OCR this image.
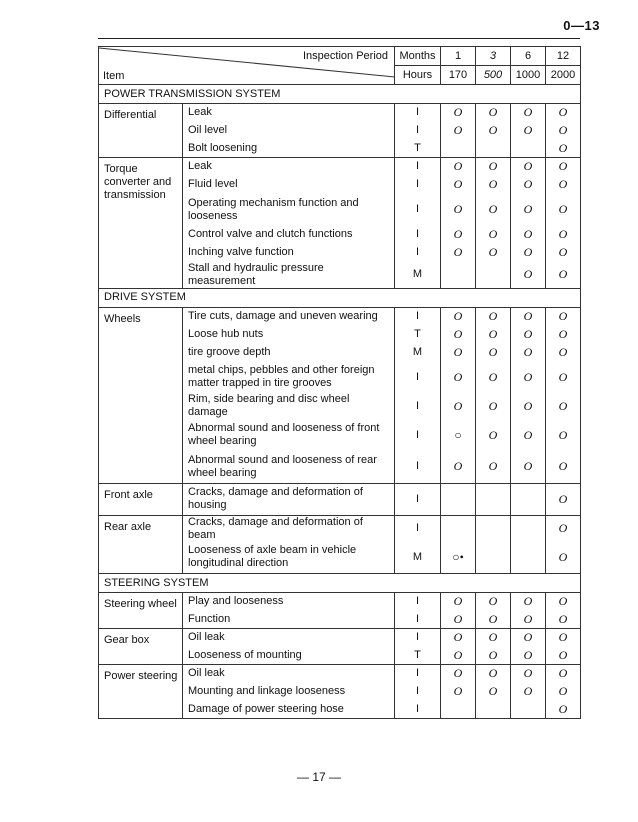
0—13
Inspection Period
Item		Months	1	3	6	12
		Hours	170	500	1000	2000
POWER TRANSMISSION SYSTEM						
Differential	Leak	I	O	O	O	O
	Oil level	I	O	O	O	O
	Bolt loosening	T				O
Torque converter and transmission	Leak	I	O	O	O	O
	Fluid level	I	O	O	O	O
	Operating mechanism function and looseness	I	O	O	O	O
	Control valve and clutch functions	I	O	O	O	O
	Inching valve function	I	O	O	O	O
	Stall and hydraulic pressure measurement	M			O	O
DRIVE SYSTEM						
Wheels	Tire cuts, damage and uneven wearing	I	O	O	O	O
	Loose hub nuts	T	O	O	O	O
	tire groove depth	M	O	O	O	O
	metal chips, pebbles and other foreign matter trapped in tire grooves	I	O	O	O	O
	Rim, side bearing and disc wheel damage	I	O	O	O	O
	Abnormal sound and looseness of front wheel bearing	I	○	O	O	O
	Abnormal sound and looseness of rear wheel bearing	I	O	O	O	O
Front axle	Cracks, damage and deformation of housing	I				O
Rear axle	Cracks, damage and deformation of beam	I				O
	Looseness of axle beam in vehicle longitudinal direction	M	○•			O
STEERING SYSTEM						
Steering wheel	Play and looseness	I	O	O	O	O
	Function	I	O	O	O	O
Gear box	Oil leak	I	O	O	O	O
	Looseness of mounting	T	O	O	O	O
Power steering	Oil leak	I	O	O	O	O
	Mounting and linkage looseness	I	O	O	O	O
	Damage of power steering hose	I				O
— 17 —
